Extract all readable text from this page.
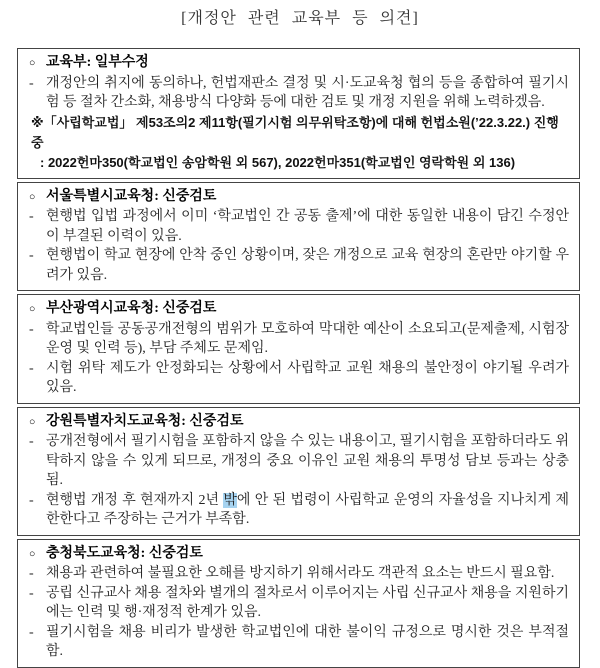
[개정안 관련 교육부 등 의견]
○ 교육부: 일부수정
- 개정안의 취지에 동의하나, 헌법재판소 결정 및 시·도교육청 협의 등을 종합하여 필기시험 등 절차 간소화, 채용방식 다양화 등에 대한 검토 및 개정 지원을 위해 노력하겠음.
※「사립학교법」 제53조의2 제11항(필기시험 의무위탁조항)에 대해 헌법소원(’22.3.22.) 진행 중
: 2022헌마350(학교법인 송암학원 외 567), 2022헌마351(학교법인 영락학원 외 136)
○ 서울특별시교육청: 신중검토
- 현행법 입법 과정에서 이미 ‘학교법인 간 공동 출제’에 대한 동일한 내용이 담긴 수정안이 부결된 이력이 있음.
- 현행법이 학교 현장에 안착 중인 상황이며, 잦은 개정으로 교육 현장의 혼란만 야기할 우려가 있음.
○ 부산광역시교육청: 신중검토
- 학교법인들 공동공개전형의 범위가 모호하여 막대한 예산이 소요되고(문제출제, 시험장 운영 및 인력 등), 부담 주체도 문제임.
- 시험 위탁 제도가 안정화되는 상황에서 사립학교 교원 채용의 불안정이 야기될 우려가 있음.
○ 강원특별자치도교육청: 신중검토
- 공개전형에서 필기시험을 포함하지 않을 수 있는 내용이고, 필기시험을 포함하더라도 위탁하지 않을 수 있게 되므로, 개정의 중요 이유인 교원 채용의 투명성 담보 등과는 상충됨.
- 현행법 개정 후 현재까지 2년 밖에 안 된 법령이 사립학교 운영의 자율성을 지나치게 제한한다고 주장하는 근거가 부족함.
○ 충청북도교육청: 신중검토
- 채용과 관련하여 불필요한 오해를 방지하기 위해서라도 객관적 요소는 반드시 필요함.
- 공립 신규교사 채용 절차와 별개의 절차로서 이루어지는 사립 신규교사 채용을 지원하기에는 인력 및 행·재정적 한계가 있음.
- 필기시험을 채용 비리가 발생한 학교법인에 대한 불이익 규정으로 명시한 것은 부적절함.
